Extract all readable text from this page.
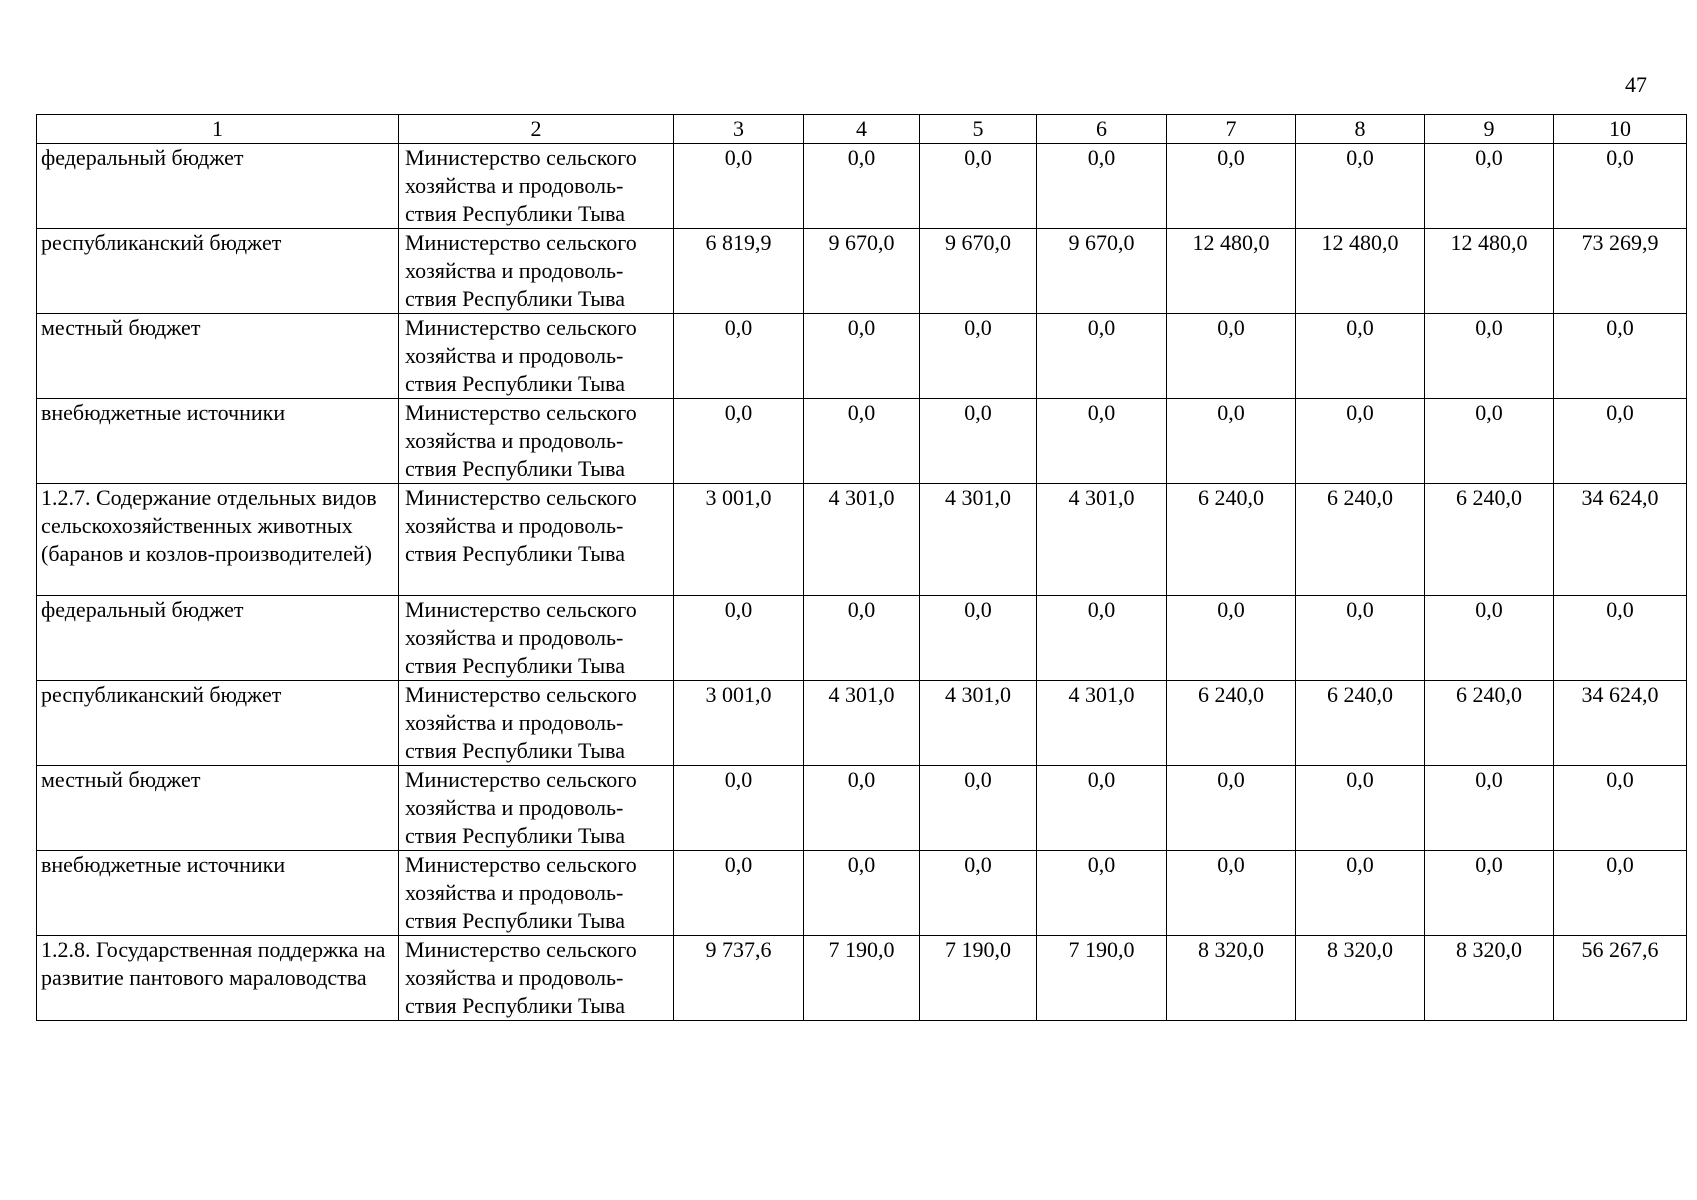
47
1	2	3	4	5	6	7	8	9	10
федеральный бюджет	Министерство сельского
хозяйства и продоволь-
ствия Республики Тыва	0,0	0,0	0,0	0,0	0,0	0,0	0,0	0,0
республиканский бюджет	Министерство сельского
хозяйства и продоволь-
ствия Республики Тыва	6 819,9	9 670,0	9 670,0	9 670,0	12 480,0	12 480,0	12 480,0	73 269,9
местный бюджет	Министерство сельского
хозяйства и продоволь-
ствия Республики Тыва	0,0	0,0	0,0	0,0	0,0	0,0	0,0	0,0
внебюджетные источники	Министерство сельского
хозяйства и продоволь-
ствия Республики Тыва	0,0	0,0	0,0	0,0	0,0	0,0	0,0	0,0
1.2.7. Содержание отдельных видов сельскохозяйственных животных (баранов и козлов-производителей)	Министерство сельского
хозяйства и продоволь-
ствия Республики Тыва	3 001,0	4 301,0	4 301,0	4 301,0	6 240,0	6 240,0	6 240,0	34 624,0
федеральный бюджет	Министерство сельского
хозяйства и продоволь-
ствия Республики Тыва	0,0	0,0	0,0	0,0	0,0	0,0	0,0	0,0
республиканский бюджет	Министерство сельского
хозяйства и продоволь-
ствия Республики Тыва	3 001,0	4 301,0	4 301,0	4 301,0	6 240,0	6 240,0	6 240,0	34 624,0
местный бюджет	Министерство сельского
хозяйства и продоволь-
ствия Республики Тыва	0,0	0,0	0,0	0,0	0,0	0,0	0,0	0,0
внебюджетные источники	Министерство сельского
хозяйства и продоволь-
ствия Республики Тыва	0,0	0,0	0,0	0,0	0,0	0,0	0,0	0,0
1.2.8. Государственная поддержка на развитие пантового мараловодства	Министерство сельского
хозяйства и продоволь-
ствия Республики Тыва	9 737,6	7 190,0	7 190,0	7 190,0	8 320,0	8 320,0	8 320,0	56 267,6
